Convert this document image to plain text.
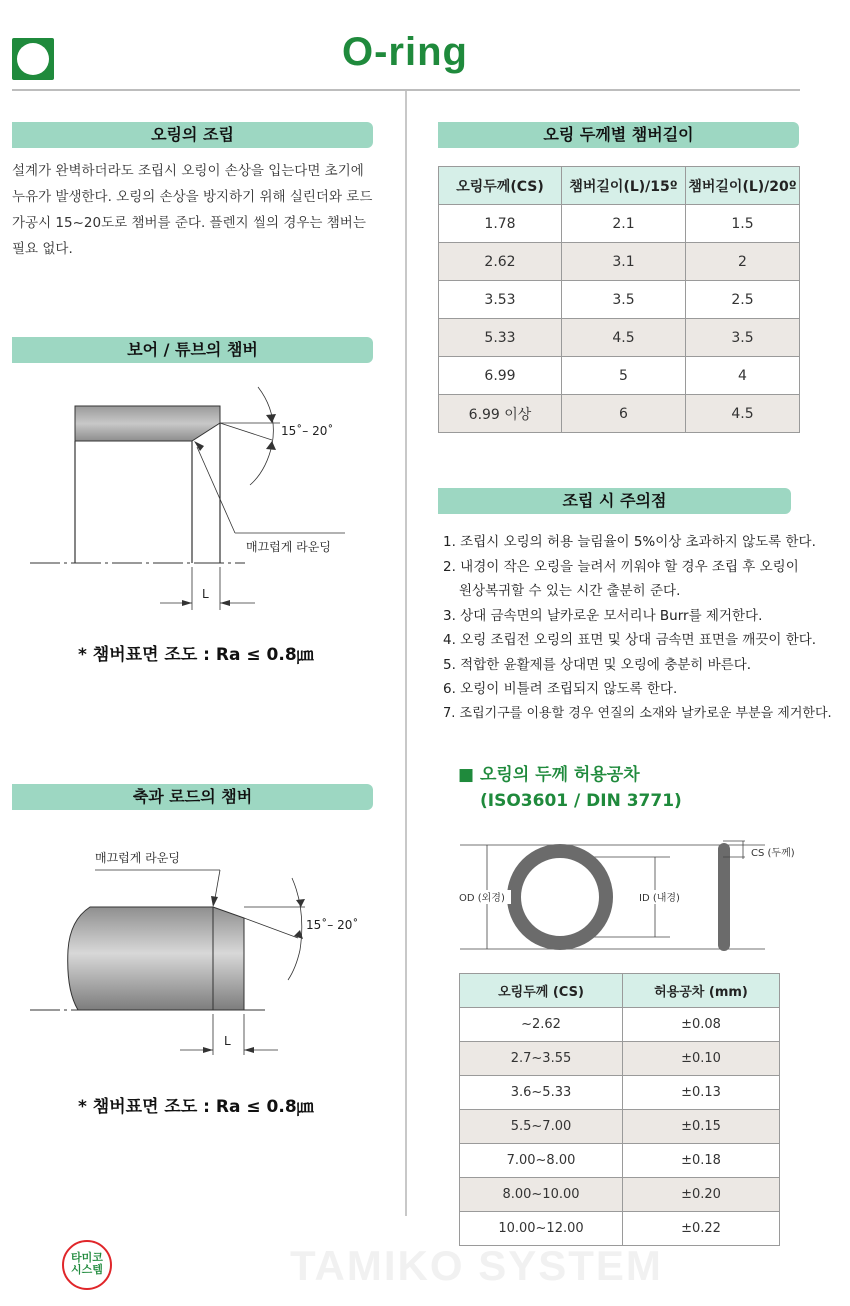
O-ring
오링의 조립
설계가 완벽하더라도 조립시 오링이 손상을 입는다면 초기에
누유가 발생한다. 오링의 손상을 방지하기 위해 실린더와 로드
가공시 15~20도로 챔버를 준다. 플렌지 씰의 경우는 챔버는
필요 없다.
보어 / 튜브의 챔버
15˚– 20˚
매끄럽게 라운딩
L
* 챔버표면 조도 : Ra ≤ 0.8㎛
축과 로드의 챔버
매끄럽게 라운딩
15˚– 20˚
L
* 챔버표면 조도 : Ra ≤ 0.8㎛
오링 두께별 챔버길이
오링두께(CS)	챔버길이(L)/15º	챔버길이(L)/20º
1.78	2.1	1.5
2.62	3.1	2
3.53	3.5	2.5
5.33	4.5	3.5
6.99	5	4
6.99 이상	6	4.5
조립 시 주의점
1. 조립시 오링의 허용 늘림율이 5%이상 초과하지 않도록 한다.
2. 내경이 작은 오링을 늘려서 끼워야 할 경우 조립 후 오링이
원상복귀할 수 있는 시간 출분히 준다.
3. 상대 금속면의 날카로운 모서리나 Burr를 제거한다.
4. 오링 조립전 오링의 표면 및 상대 금속면 표면을 깨끗이 한다.
5. 적합한 윤활제를 상대면 및 오링에 충분히 바른다.
6. 오링이 비틀려 조립되지 않도록 한다.
7. 조립기구를 이용할 경우 연질의 소재와 날카로운 부분을 제거한다.
■ 오링의 두께 허용공차
(ISO3601 / DIN 3771)
CS (두께)
OD (외경)	ID (내경)
오링두께 (CS)	허용공차 (mm)
~2.62	±0.08
2.7~3.55	±0.10
3.6~5.33	±0.13
5.5~7.00	±0.15
7.00~8.00	±0.18
8.00~10.00	±0.20
10.00~12.00	±0.22
TAMIKO SYSTEM
타미코
시스템
